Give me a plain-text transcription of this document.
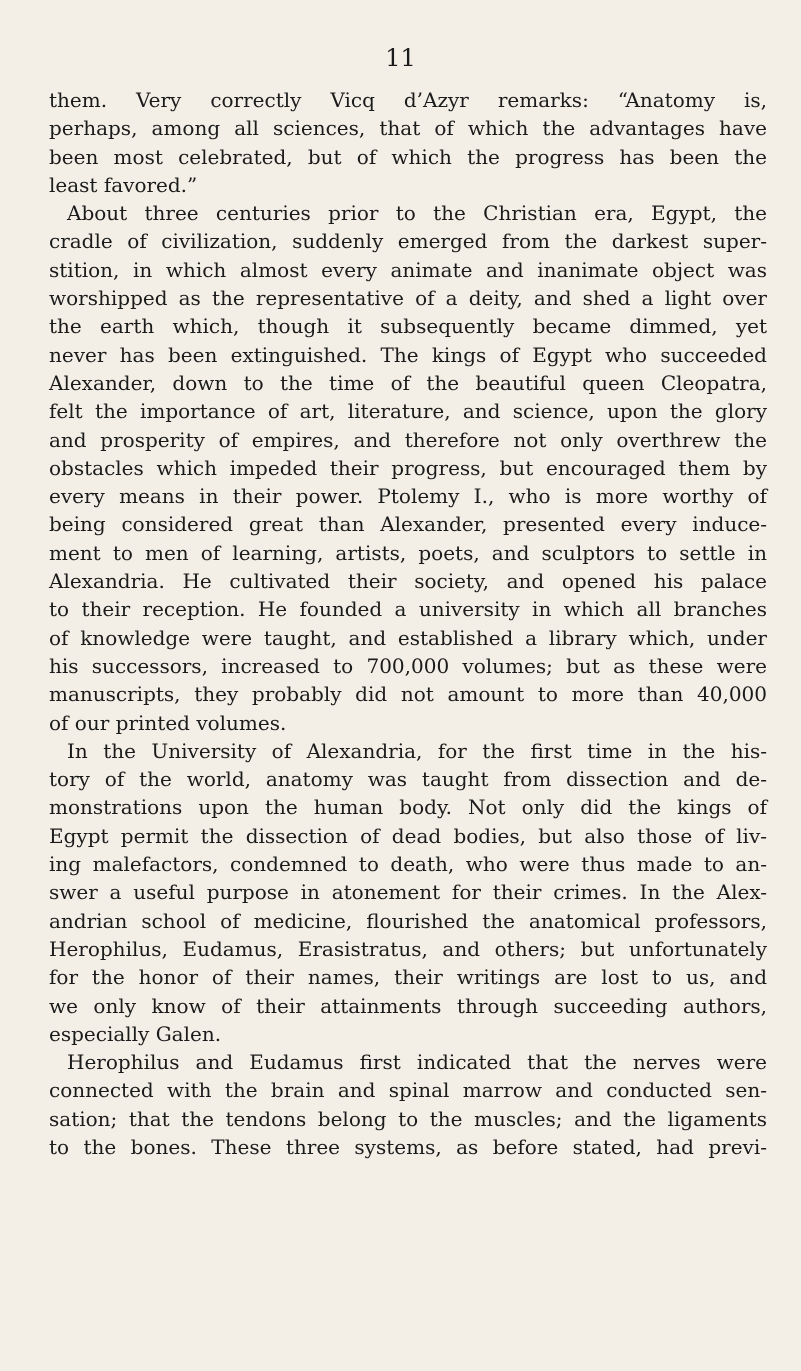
11
them. Very correctly Vicq d’Azyr remarks: “Anatomy is,
perhaps, among all sciences, that of which the advantages have
been most celebrated, but of which the progress has been the
least favored.”
About three centuries prior to the Christian era, Egypt, the
cradle of civilization, suddenly emerged from the darkest super-
stition, in which almost every animate and inanimate object was
worshipped as the representative of a deity, and shed a light over
the earth which, though it subsequently became dimmed, yet
never has been extinguished. The kings of Egypt who succeeded
Alexander, down to the time of the beautiful queen Cleopatra,
felt the importance of art, literature, and science, upon the glory
and prosperity of empires, and therefore not only overthrew the
obstacles which impeded their progress, but encouraged them by
every means in their power. Ptolemy I., who is more worthy of
being considered great than Alexander, presented every induce-
ment to men of learning, artists, poets, and sculptors to settle in
Alexandria. He cultivated their society, and opened his palace
to their reception. He founded a university in which all branches
of knowledge were taught, and established a library which, under
his successors, increased to 700,000 volumes; but as these were
manuscripts, they probably did not amount to more than 40,000
of our printed volumes.
In the University of Alexandria, for the first time in the his-
tory of the world, anatomy was taught from dissection and de-
monstrations upon the human body. Not only did the kings of
Egypt permit the dissection of dead bodies, but also those of liv-
ing malefactors, condemned to death, who were thus made to an-
swer a useful purpose in atonement for their crimes. In the Alex-
andrian school of medicine, flourished the anatomical professors,
Herophilus, Eudamus, Erasistratus, and others; but unfortunately
for the honor of their names, their writings are lost to us, and
we only know of their attainments through succeeding authors,
especially Galen.
Herophilus and Eudamus first indicated that the nerves were
connected with the brain and spinal marrow and conducted sen-
sation; that the tendons belong to the muscles; and the ligaments
to the bones. These three systems, as before stated, had previ-
